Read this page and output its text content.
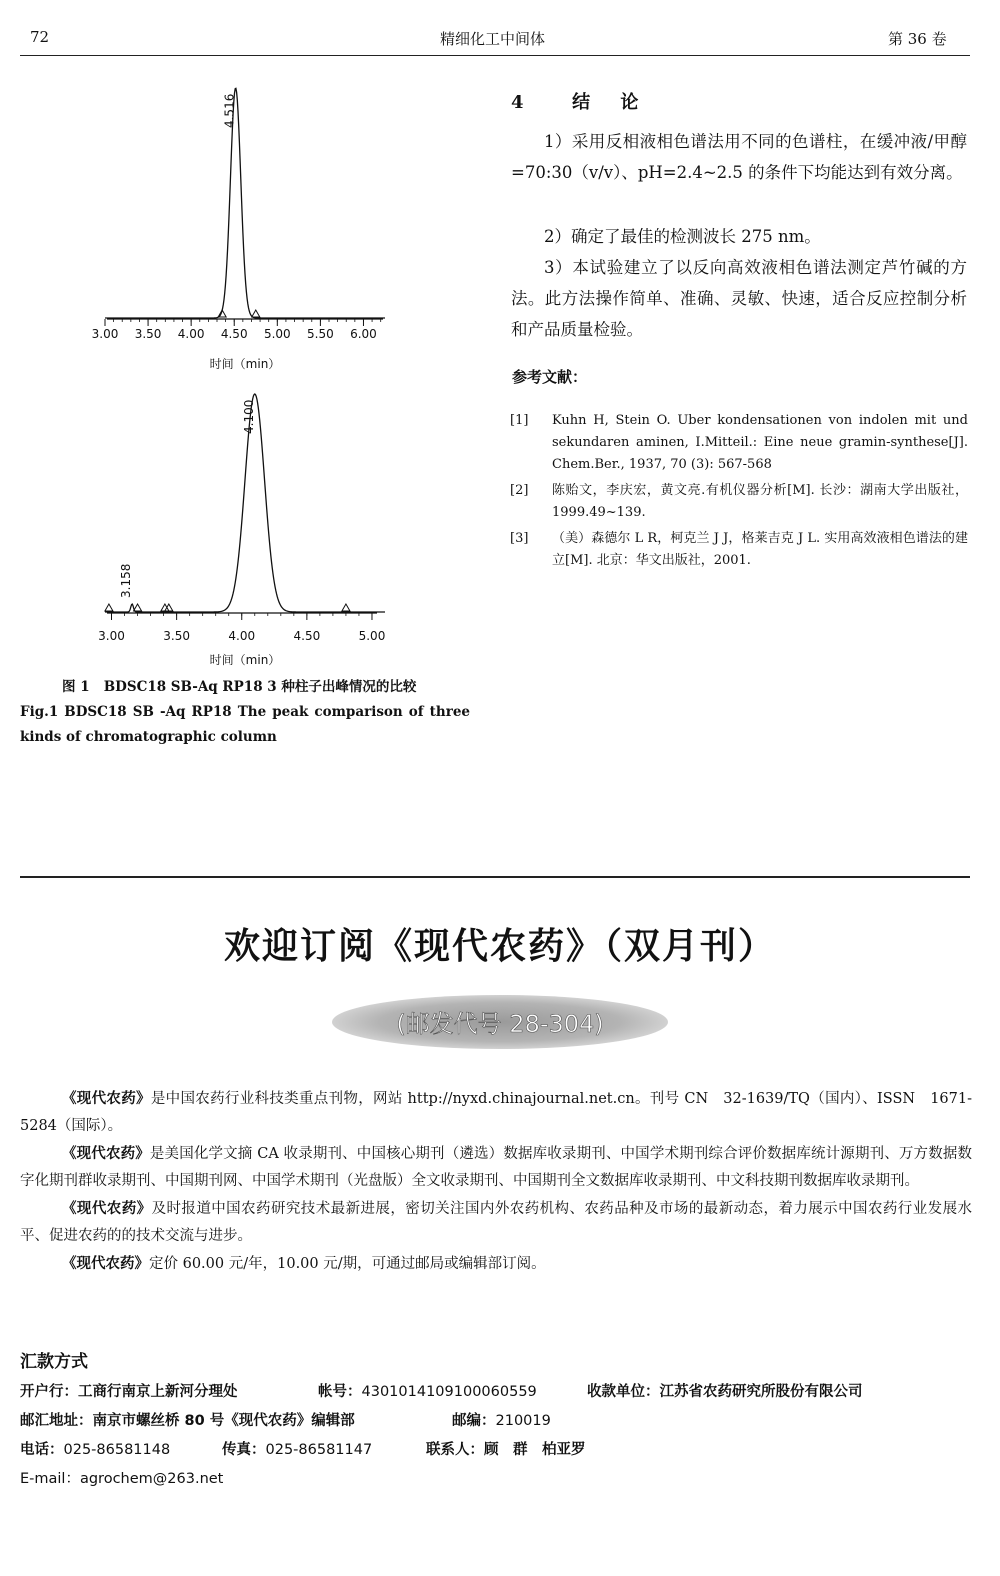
72	精细化工中间体	第 36 卷
3.00 3.50 4.00 4.50 5.00 5.50 6.00
时间（min）
4.516
3.00	3.50	4.00	4.50	5.00
时间（min）
4.100
3.158
图 1 BDSC18 SB-Aq RP18 3 种柱子出峰情况的比较
Fig.1 BDSC18 SB -Aq RP18 The peak comparison of three kinds of chromatographic column
4 结 论
1）采用反相液相色谱法用不同的色谱柱，在缓冲液/甲醇=70:30（v/v）、pH=2.4~2.5 的条件下均能达到有效分离。
2）确定了最佳的检测波长 275 nm。
3）本试验建立了以反向高效液相色谱法测定芦竹碱的方法。此方法操作简单、准确、灵敏、快速，适合反应控制分析和产品质量检验。
参考文献：
[1]	Kuhn H, Stein O. Uber kondensationen von indolen mit und sekundaren aminen, I.Mitteil.: Eine neue gramin-synthese[J]. Chem.Ber., 1937, 70 (3): 567-568
[2]	陈贻文，李庆宏，黄文亮.有机仪器分析[M]. 长沙：湖南大学出版社，1999.49~139.
[3]	（美）森德尔 L R，柯克兰 J J，格莱吉克 J L. 实用高效液相色谱法的建立[M]. 北京：华文出版社，2001.
欢迎订阅《现代农药》（双月刊）
(邮发代号 28-304)
《现代农药》是中国农药行业科技类重点刊物，网站 http://nyxd.chinajournal.net.cn。刊号 CN　32-1639/TQ（国内）、ISSN　1671-5284（国际）。
《现代农药》是美国化学文摘 CA 收录期刊、中国核心期刊（遴选）数据库收录期刊、中国学术期刊综合评价数据库统计源期刊、万方数据数字化期刊群收录期刊、中国期刊网、中国学术期刊（光盘版）全文收录期刊、中国期刊全文数据库收录期刊、中文科技期刊数据库收录期刊。
《现代农药》及时报道中国农药研究技术最新进展，密切关注国内外农药机构、农药品种及市场的最新动态，着力展示中国农药行业发展水平、促进农药的的技术交流与进步。
《现代农药》定价 60.00 元/年，10.00 元/期，可通过邮局或编辑部订阅。
汇款方式
开户行：工商行南京上新河分理处	帐号：4301014109100060559	收款单位：江苏省农药研究所股份有限公司
邮汇地址：南京市螺丝桥 80 号《现代农药》编辑部	邮编：210019
电话：025-86581148	传真：025-86581147	联系人：顾　群　柏亚罗
E-mail：agrochem@263.net
